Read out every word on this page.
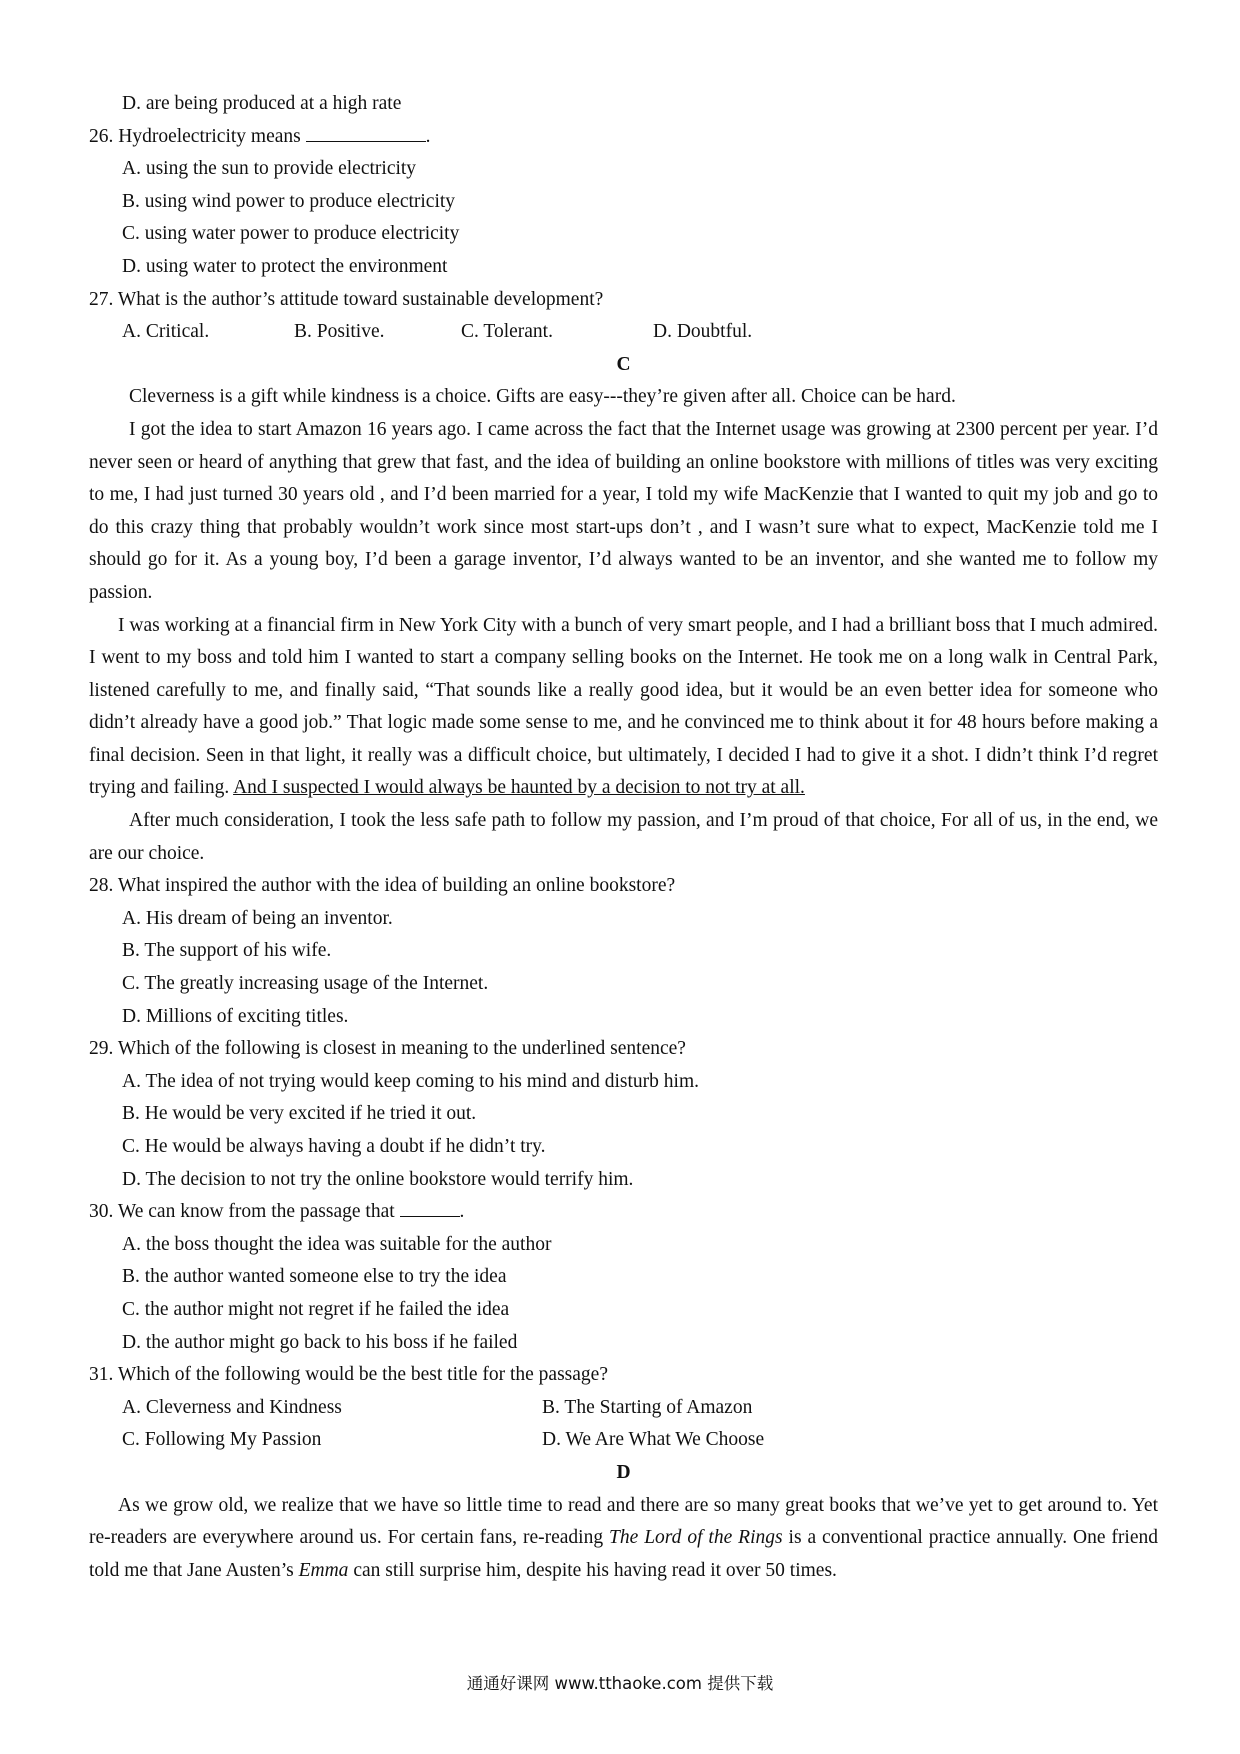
D. are being produced at a high rate
26. Hydroelectricity means	.
A. using the sun to provide electricity
B. using wind power to produce electricity
C. using water power to produce electricity
D. using water to protect the environment
27. What is the author’s attitude toward sustainable development?
A. Critical.	B. Positive.	C. Tolerant.	D. Doubtful.
C
Cleverness is a gift while kindness is a choice. Gifts are easy---they’re given after all. Choice can be hard.
I got the idea to start Amazon 16 years ago. I came across the fact that the Internet usage was growing at 2300 percent per year. I’d never seen or heard of anything that grew that fast, and the idea of building an online bookstore with millions of titles was very exciting to me, I had just turned 30 years old , and I’d been married for a year, I told my wife MacKenzie that I wanted to quit my job and go to do this crazy thing that probably wouldn’t work since most start-ups don’t , and I wasn’t sure what to expect, MacKenzie told me I should go for it. As a young boy, I’d been a garage inventor, I’d always wanted to be an inventor, and she wanted me to follow my passion.
I was working at a financial firm in New York City with a bunch of very smart people, and I had a brilliant boss that I much admired. I went to my boss and told him I wanted to start a company selling books on the Internet. He took me on a long walk in Central Park, listened carefully to me, and finally said, “That sounds like a really good idea, but it would be an even better idea for someone who didn’t already have a good job.” That logic made some sense to me, and he convinced me to think about it for 48 hours before making a final decision. Seen in that light, it really was a difficult choice, but ultimately, I decided I had to give it a shot. I didn’t think I’d regret trying and failing. And I suspected I would always be haunted by a decision to not try at all.
After much consideration, I took the less safe path to follow my passion, and I’m proud of that choice, For all of us, in the end, we are our choice.
28. What inspired the author with the idea of building an online bookstore?
A. His dream of being an inventor.
B. The support of his wife.
C. The greatly increasing usage of the Internet.
D. Millions of exciting titles.
29. Which of the following is closest in meaning to the underlined sentence?
A. The idea of not trying would keep coming to his mind and disturb him.
B. He would be very excited if he tried it out.
C. He would be always having a doubt if he didn’t try.
D. The decision to not try the online bookstore would terrify him.
30. We can know from the passage that	.
A. the boss thought the idea was suitable for the author
B. the author wanted someone else to try the idea
C. the author might not regret if he failed the idea
D. the author might go back to his boss if he failed
31. Which of the following would be the best title for the passage?
A. Cleverness and Kindness	B. The Starting of Amazon
C. Following My Passion	D. We Are What We Choose
D
As we grow old, we realize that we have so little time to read and there are so many great books that we’ve yet to get around to. Yet re-readers are everywhere around us. For certain fans, re-reading The Lord of the Rings is a conventional practice annually. One friend told me that Jane Austen’s Emma can still surprise him, despite his having read it over 50 times.
通通好课网 www.tthaoke.com 提供下载
